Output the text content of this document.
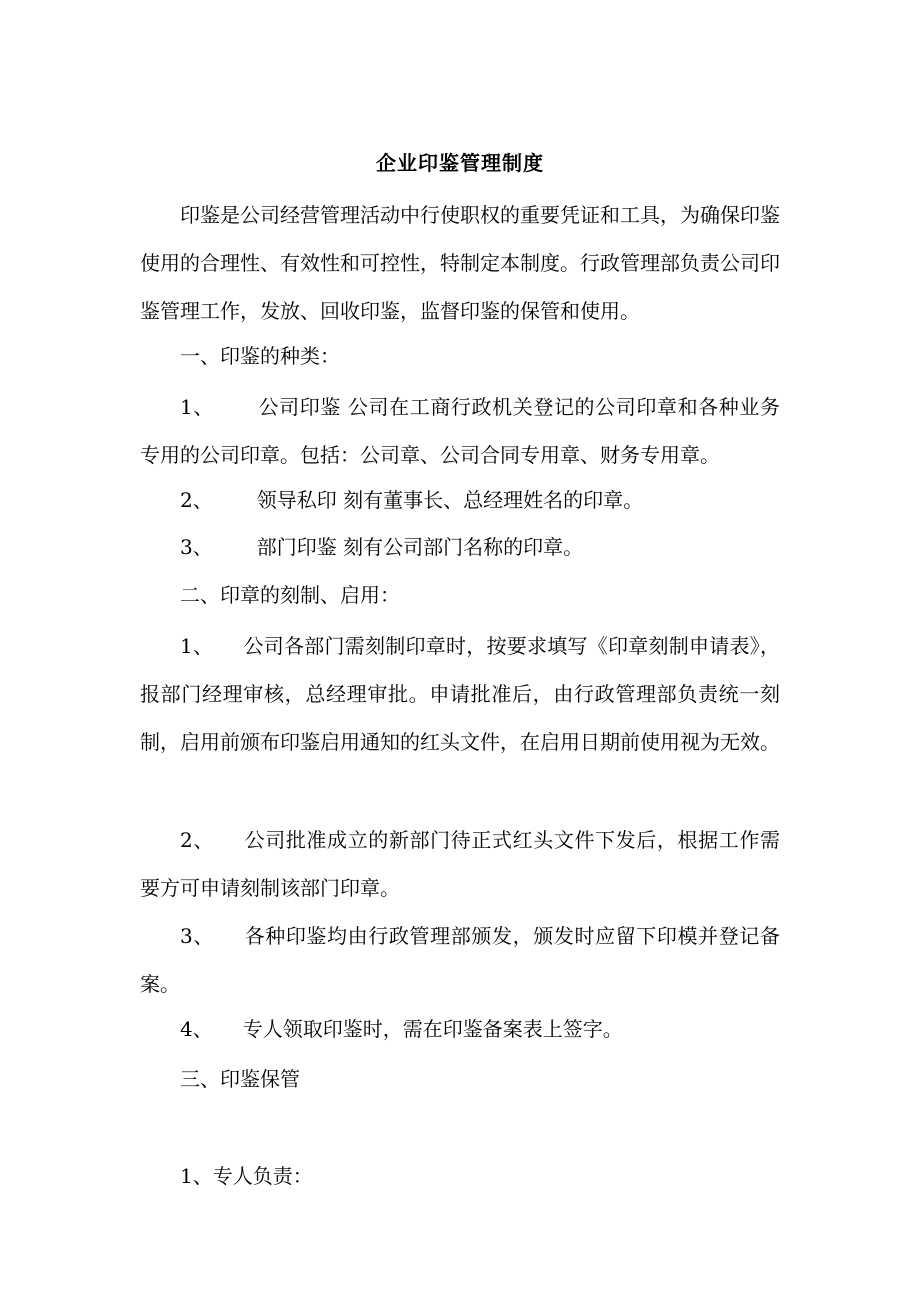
企业印鉴管理制度
印鉴是公司经营管理活动中行使职权的重要凭证和工具，为确保印鉴使用的合理性、有效性和可控性，特制定本制度。行政管理部负责公司印鉴管理工作，发放、回收印鉴，监督印鉴的保管和使用。
一、印鉴的种类：
1、 公司印鉴 公司在工商行政机关登记的公司印章和各种业务专用的公司印章。包括：公司章、公司合同专用章、财务专用章。
2、 领导私印 刻有董事长、总经理姓名的印章。
3、 部门印鉴 刻有公司部门名称的印章。
二、印章的刻制、启用：
1、 公司各部门需刻制印章时，按要求填写《印章刻制申请表》，报部门经理审核，总经理审批。申请批准后，由行政管理部负责统一刻制，启用前颁布印鉴启用通知的红头文件，在启用日期前使用视为无效。
2、 公司批准成立的新部门待正式红头文件下发后，根据工作需要方可申请刻制该部门印章。
3、 各种印鉴均由行政管理部颁发，颁发时应留下印模并登记备案。
4、 专人领取印鉴时，需在印鉴备案表上签字。
三、印鉴保管
1、专人负责：
